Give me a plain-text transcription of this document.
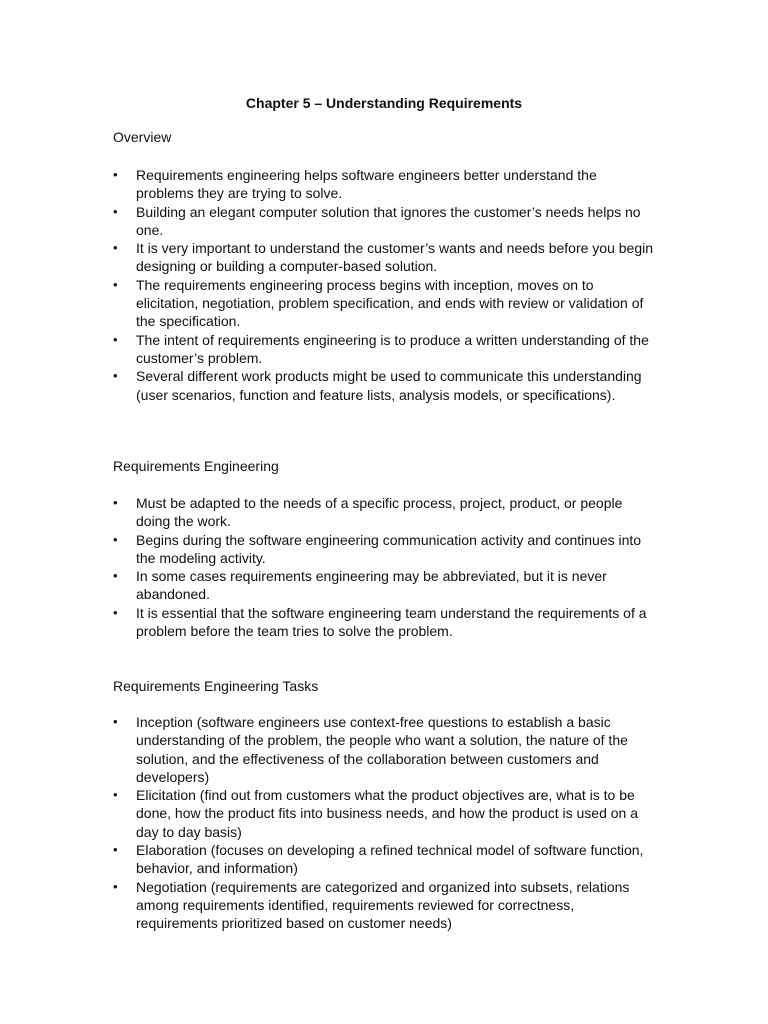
Chapter 5 – Understanding Requirements
Overview
•	Requirements engineering helps software engineers better understand the problems they are trying to solve.
•	Building an elegant computer solution that ignores the customer’s needs helps no one.
•	It is very important to understand the customer’s wants and needs before you begin designing or building a computer-based solution.
•	The requirements engineering process begins with inception, moves on to elicitation, negotiation, problem specification, and ends with review or validation of the specification.
•	The intent of requirements engineering is to produce a written understanding of the customer’s problem.
•	Several different work products might be used to communicate this understanding (user scenarios, function and feature lists, analysis models, or specifications).
Requirements Engineering
•	Must be adapted to the needs of a specific process, project, product, or people doing the work.
•	Begins during the software engineering communication activity and continues into the modeling activity.
•	In some cases requirements engineering may be abbreviated, but it is never abandoned.
•	It is essential that the software engineering team understand the requirements of a problem before the team tries to solve the problem.
Requirements Engineering Tasks
•	Inception (software engineers use context-free questions to establish a basic understanding of the problem, the people who want a solution, the nature of the solution, and the effectiveness of the collaboration between customers and developers)
•	Elicitation (find out from customers what the product objectives are, what is to be done, how the product fits into business needs, and how the product is used on a day to day basis)
•	Elaboration (focuses on developing a refined technical model of software function, behavior, and information)
•	Negotiation (requirements are categorized and organized into subsets, relations among requirements identified, requirements reviewed for correctness, requirements prioritized based on customer needs)
